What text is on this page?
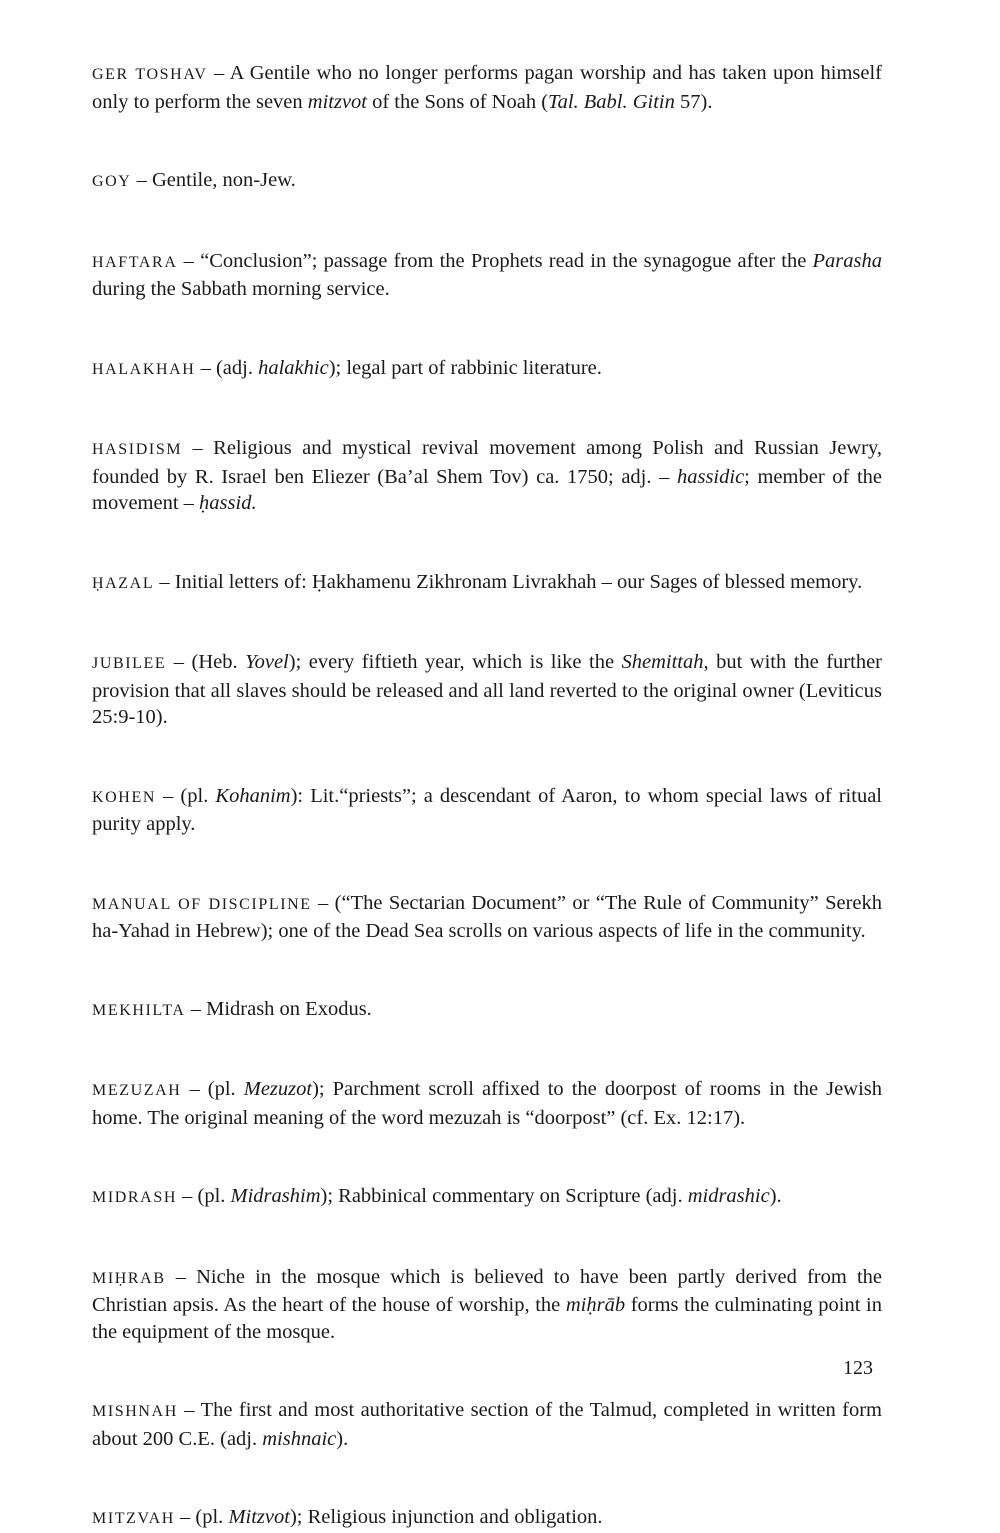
GER TOSHAV – A Gentile who no longer performs pagan worship and has taken upon himself only to perform the seven mitzvot of the Sons of Noah (Tal. Babl. Gitin 57).

GOY – Gentile, non-Jew.

HAFTARA – “Conclusion”; passage from the Prophets read in the synagogue after the Parasha during the Sabbath morning service.

HALAKHAH – (adj. halakhic); legal part of rabbinic literature.

HASIDISM – Religious and mystical revival movement among Polish and Russian Jewry, founded by R. Israel ben Eliezer (Ba’al Shem Tov) ca. 1750; adj. – hassidic; member of the movement – ḥassid.

ḤAZAL – Initial letters of: Ḥakhamenu Zikhronam Livrakhah – our Sages of blessed memory.

JUBILEE – (Heb. Yovel); every fiftieth year, which is like the Shemittah, but with the further provision that all slaves should be released and all land reverted to the original owner (Leviticus 25:9-10).

KOHEN – (pl. Kohanim): Lit.“priests”; a descendant of Aaron, to whom special laws of ritual purity apply.

MANUAL OF DISCIPLINE – (“The Sectarian Document” or “The Rule of Community” Serekh ha-Yahad in Hebrew); one of the Dead Sea scrolls on various aspects of life in the community.

MEKHILTA – Midrash on Exodus.

MEZUZAH – (pl. Mezuzot); Parchment scroll affixed to the doorpost of rooms in the Jewish home. The original meaning of the word mezuzah is “doorpost” (cf. Ex. 12:17).

MIDRASH – (pl. Midrashim); Rabbinical commentary on Scripture (adj. midrashic).

MIḤRAB – Niche in the mosque which is believed to have been partly derived from the Christian apsis. As the heart of the house of worship, the miḥrāb forms the culminating point in the equipment of the mosque.

MISHNAH – The first and most authoritative section of the Talmud, completed in written form about 200 C.E. (adj. mishnaic).

MITZVAH – (pl. Mitzvot); Religious injunction and obligation.

123
